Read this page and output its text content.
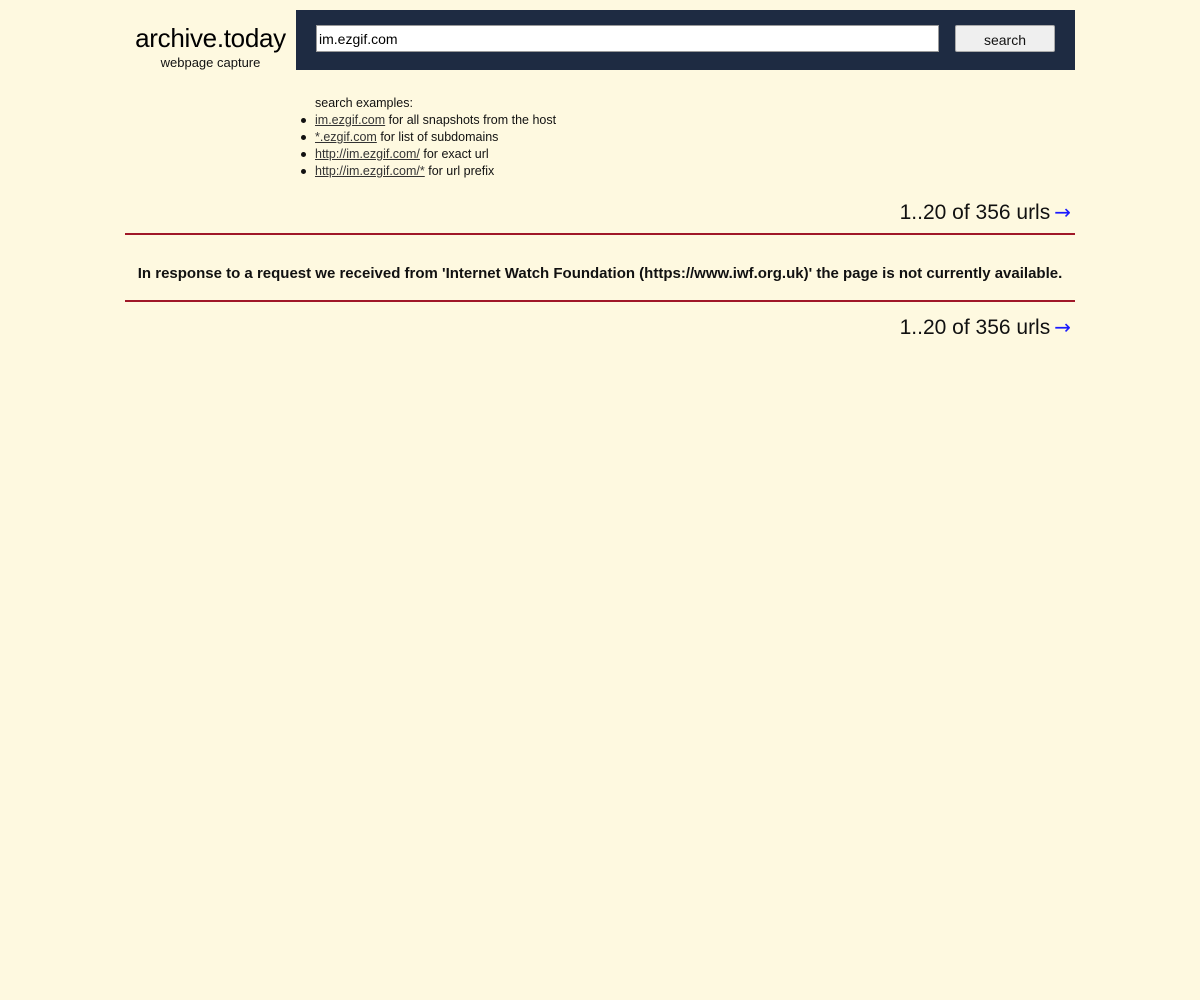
archive.today
webpage capture
im.ezgif.com
search
search examples:
im.ezgif.com for all snapshots from the host
*.ezgif.com for list of subdomains
http://im.ezgif.com/ for exact url
http://im.ezgif.com/* for url prefix
1..20 of 356 urls →
In response to a request we received from 'Internet Watch Foundation (https://www.iwf.org.uk)' the page is not currently available.
1..20 of 356 urls →
